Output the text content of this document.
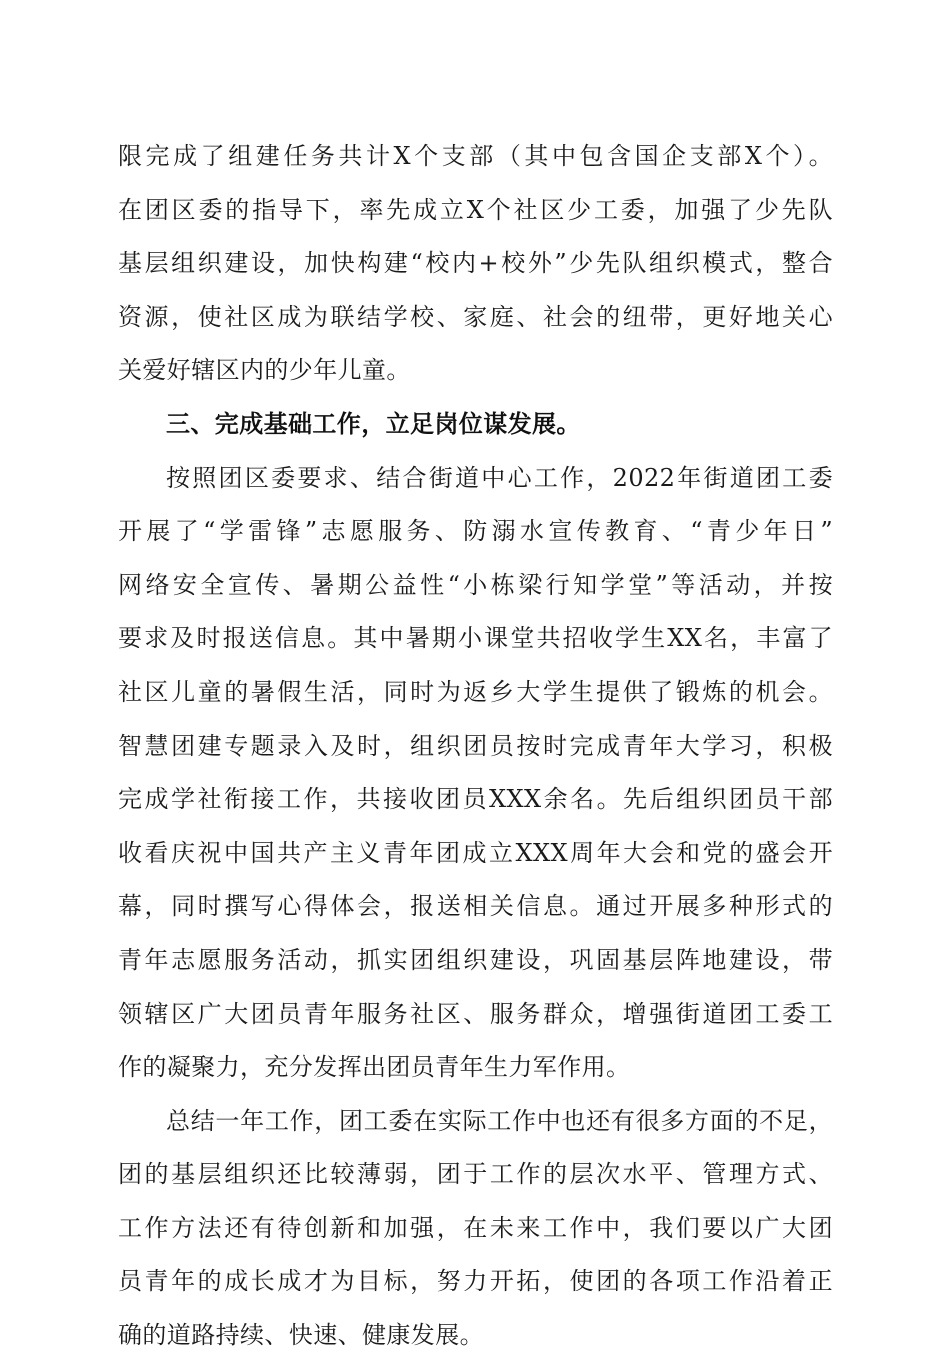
限完成了组建任务共计X个支部（其中包含国企支部X个）。
在团区委的指导下，率先成立X个社区少工委，加强了少先队
基层组织建设，加快构建“校内+校外”少先队组织模式，整合
资源，使社区成为联结学校、家庭、社会的纽带，更好地关心
关爱好辖区内的少年儿童。
三、完成基础工作，立足岗位谋发展。
按照团区委要求、结合街道中心工作，2022年街道团工委
开展了“学雷锋”志愿服务、防溺水宣传教育、“青少年日”
网络安全宣传、暑期公益性“小栋梁行知学堂”等活动，并按
要求及时报送信息。其中暑期小课堂共招收学生XX名，丰富了
社区儿童的暑假生活，同时为返乡大学生提供了锻炼的机会。
智慧团建专题录入及时，组织团员按时完成青年大学习，积极
完成学社衔接工作，共接收团员XXX余名。先后组织团员干部
收看庆祝中国共产主义青年团成立XXX周年大会和党的盛会开
幕，同时撰写心得体会，报送相关信息。通过开展多种形式的
青年志愿服务活动，抓实团组织建设，巩固基层阵地建设，带
领辖区广大团员青年服务社区、服务群众，增强街道团工委工
作的凝聚力，充分发挥出团员青年生力军作用。
总结一年工作，团工委在实际工作中也还有很多方面的不足，
团的基层组织还比较薄弱，团于工作的层次水平、管理方式、
工作方法还有待创新和加强，在未来工作中，我们要以广大团
员青年的成长成才为目标，努力开拓，使团的各项工作沿着正
确的道路持续、快速、健康发展。
